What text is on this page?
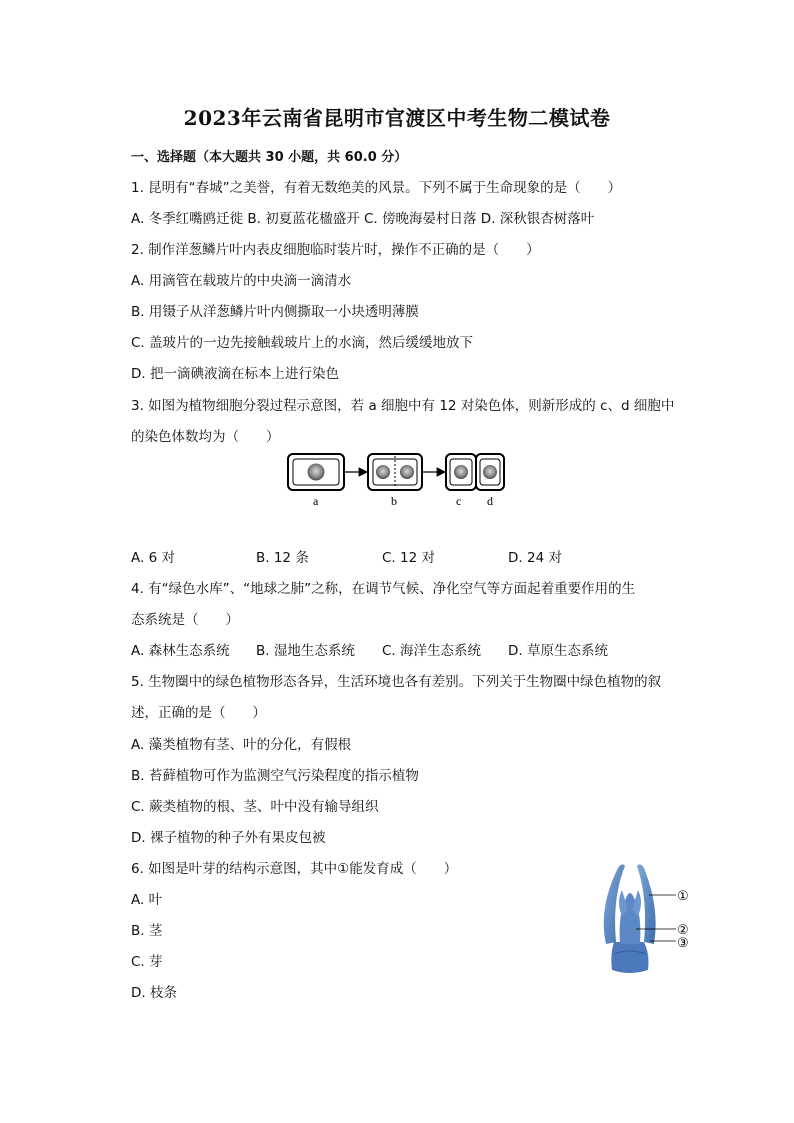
2023年云南省昆明市官渡区中考生物二模试卷
一、选择题（本大题共 30 小题，共 60.0 分）
1. 昆明有“春城”之美誉，有着无数绝美的风景。下列不属于生命现象的是（　　）
A. 冬季红嘴鸥迁徙 B. 初夏蓝花楹盛开 C. 傍晚海晏村日落 D. 深秋银杏树落叶
2. 制作洋葱鳞片叶内表皮细胞临时装片时，操作不正确的是（　　）
A. 用滴管在载玻片的中央滴一滴清水
B. 用镊子从洋葱鳞片叶内侧撕取一小块透明薄膜
C. 盖玻片的一边先接触载玻片上的水滴，然后缓缓地放下
D. 把一滴碘液滴在标本上进行染色
3. 如图为植物细胞分裂过程示意图，若 a 细胞中有 12 对染色体，则新形成的 c、d 细胞中
的染色体数均为（　　）
a	b	c d
A. 6 对	B. 12 条	C. 12 对	D. 24 对
4. 有“绿色水库”、“地球之肺”之称，在调节气候、净化空气等方面起着重要作用的生
态系统是（　　）
A. 森林生态系统 B. 湿地生态系统 C. 海洋生态系统 D. 草原生态系统
5. 生物圈中的绿色植物形态各异，生活环境也各有差别。下列关于生物圈中绿色植物的叙
述，正确的是（　　）
A. 藻类植物有茎、叶的分化，有假根
B. 苔藓植物可作为监测空气污染程度的指示植物
C. 蕨类植物的根、茎、叶中没有输导组织
D. 裸子植物的种子外有果皮包被
6. 如图是叶芽的结构示意图，其中①能发育成（　　）
A. 叶
B. 茎
C. 芽
D. 枝条
①
②
③
